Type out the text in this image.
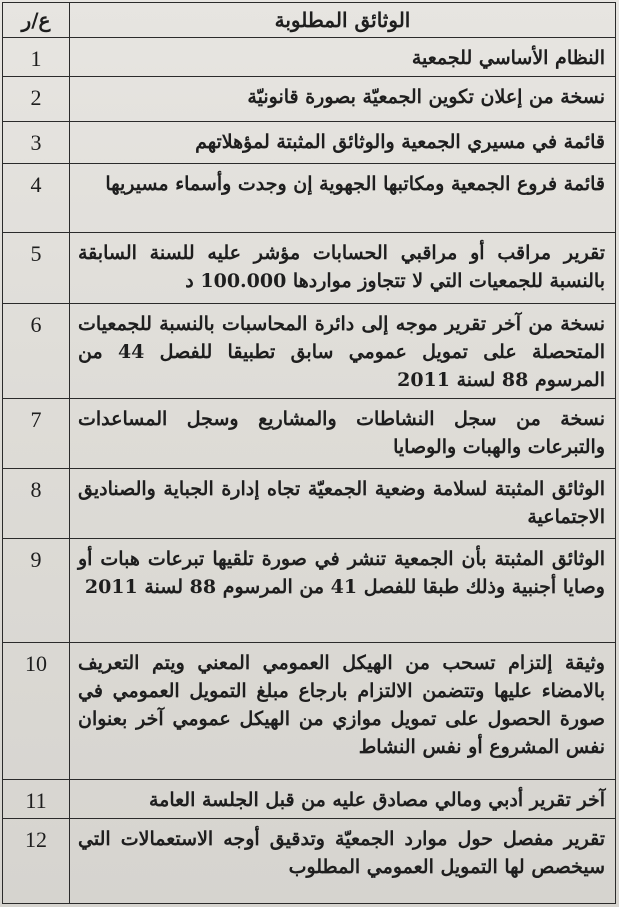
الوثائق المطلوبة	ع/ر
النظام الأساسي للجمعية	1
نسخة من إعلان تكوين الجمعيّة بصورة قانونيّة	2
قائمة في مسيري الجمعية والوثائق المثبتة لمؤهلاتهم	3
قائمة فروع الجمعية ومكاتبها الجهوية إن وجدت وأسماء مسيريها	4
تقرير مراقب أو مراقبي الحسابات مؤشر عليه للسنة السابقة بالنسبة للجمعيات التي لا تتجاوز مواردها 100.000 د	5
نسخة من آخر تقرير موجه إلى دائرة المحاسبات بالنسبة للجمعيات المتحصلة على تمويل عمومي سابق تطبيقا للفصل 44 من المرسوم 88 لسنة 2011	6
نسخة من سجل النشاطات والمشاريع وسجل المساعدات والتبرعات والهبات والوصايا	7
الوثائق المثبتة لسلامة وضعية الجمعيّة تجاه إدارة الجباية والصناديق الاجتماعية	8
الوثائق المثبتة بأن الجمعية تنشر في صورة تلقيها تبرعات هبات أو وصايا أجنبية وذلك طبقا للفصل 41 من المرسوم 88 لسنة 2011	9
وثيقة إلتزام تسحب من الهيكل العمومي المعني ويتم التعريف بالامضاء عليها وتتضمن الالتزام بارجاع مبلغ التمويل العمومي في صورة الحصول على تمويل موازي من الهيكل عمومي آخر بعنوان نفس المشروع أو نفس النشاط	10
آخر تقرير أدبي ومالي مصادق عليه من قبل الجلسة العامة	11
تقرير مفصل حول موارد الجمعيّة وتدقيق أوجه الاستعمالات التي سيخصص لها التمويل العمومي المطلوب	12
